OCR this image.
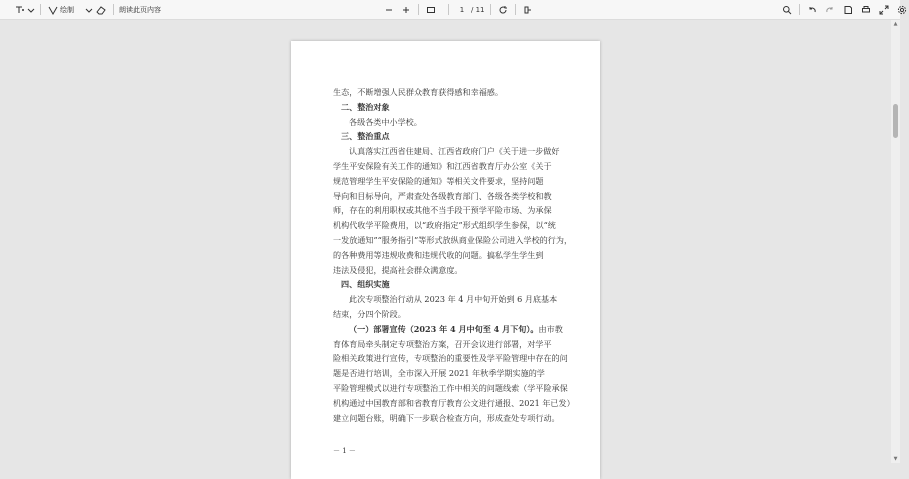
绘制	朗读此页内容	1 / 11

生态，不断增强人民群众教育获得感和幸福感。

二、整治对象

各级各类中小学校。

三、整治重点

认真落实江西省住建局、江西省政府门户《关于进一步做好

学生平安保险有关工作的通知》和江西省教育厅办公室《关于

规范管理学生平安保险的通知》等相关文件要求，坚持问题

导向和目标导向，严肃查处各级教育部门、各级各类学校和教

师，存在的利用职权或其他不当手段干预学平险市场、为承保

机构代收学平险费用，以“政府指定”形式组织学生参保，以“统

一发放通知”“服务指引”等形式放纵商业保险公司进入学校的行为，

的各种费用等违规收费和违规代收的问题。搞私学生学生到

违法及侵犯，提高社会群众满意度。

四、组织实施

此次专项整治行动从 2023 年 4 月中旬开始到 6 月底基本

结束，分四个阶段。

（一）部署宣传（2023 年 4 月中旬至 4 月下旬）。由市教

育体育局牵头制定专项整治方案，召开会议进行部署，对学平

险相关政策进行宣传，专项整治的重要性及学平险管理中存在的问

题是否进行培训，全市深入开展 2021 年秋季学期实施的学

平险管理模式以进行专项整治工作中相关的问题线索（学平险承保

机构通过中国教育部和省教育厅教育公文进行通报、2021 年已发）

建立问题台账，明确下一步联合检查方向，形成查处专项行动。

－ 1 －
▲
▼
